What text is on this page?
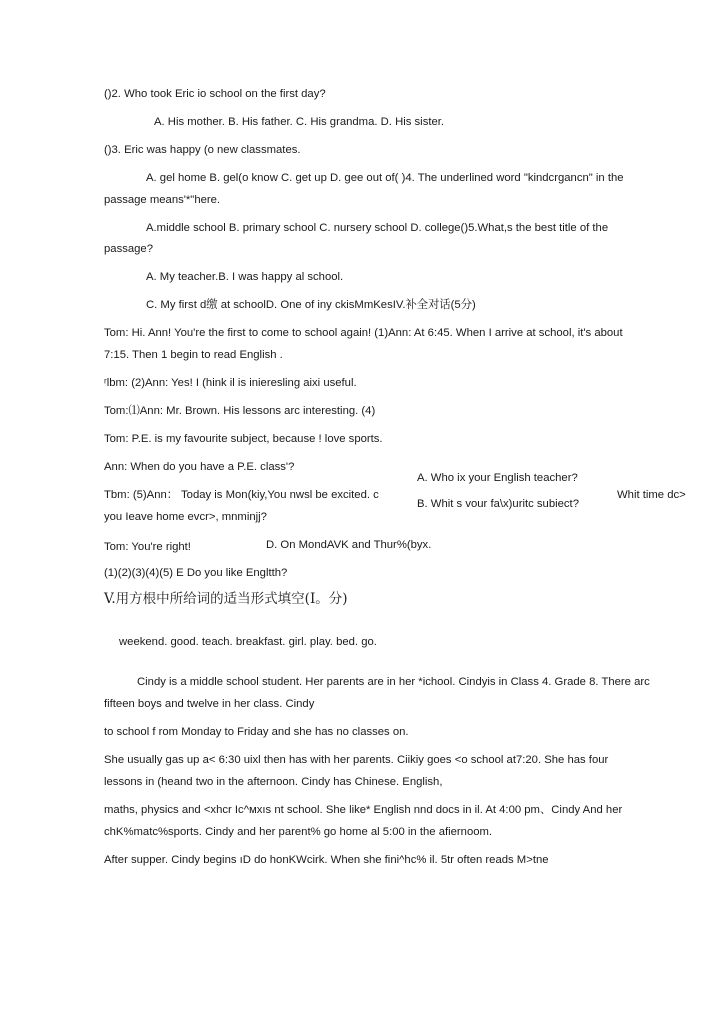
()2. Who took Eric io school on the first day?
A. His mother. B. His father. C. His grandma. D. His sister.
()3. Eric was happy (o new classmates.
A. gel home B. gel(o know C. get up D. gee out of( )4. The underlined word "kindcrgancn" in the
passage means'*"here.
A.middle school B. primary school C. nursery school D. college()5.What,s the best title of the
passage?
A. My teacher.B. I was happy al school.
C. My first d缴 at schoolD. One of iny ckisMmKesIV.补全对话(5分)
Tom: Hi. Ann! You're the first to come to school again! (1)Ann: At 6:45. When I arrive at school, it's about
7:15. Then 1 begin to read English .
ʳlbm: (2)Ann: Yes! I (hink il is inieresling aixi useful.
Tom:⑴Ann: Mr. Brown. His lessons arc interesting. (4)
Tom: P.E. is my favourite subject, because ! love sports.
Ann: When do you have a P.E. class'?
A. Who ix your English teacher?
Tbm: (5)Ann： Today is Mon(kiy,You nwsl be excited. c	Whit time dc>
B. Whit s vour fa\x)uritc subiect?
you Ieave home evcr>, mnminjj?
Tom: You're right!	D. On MondAVK and Thur%(byx.
(1)(2)(3)(4)(5) E Do you like Engltth?
V.用方根中所给词的适当形式填空(І。分)
weekend. good. teach. breakfast. girl. play. bed. go.
Cindy is a middle school student. Her parents are in her *ichool. Cindyis in Class 4. Grade 8. There arc
fifteen boys and twelve in her class. Cindy
to school f rom Monday to Friday and she has no classes on.
She usually gas up a< 6:30 uixl then has with her parents. Ciikiy goes <o school at7:20. She has four
lessons in (heand two in the afternoon. Cindy has Chinese. English,
maths, physics and <xhcr Ic^мxıs nt school. She like* English nnd docs in il. At 4:00 pm、Cindy And her
chK%matc%sports. Cindy and her parent% go home al 5:00 in the afiernoom.
After supper. Cindy begins ıD do honKWcirk. When she fini^hc% il. 5tr often reads M>tne
